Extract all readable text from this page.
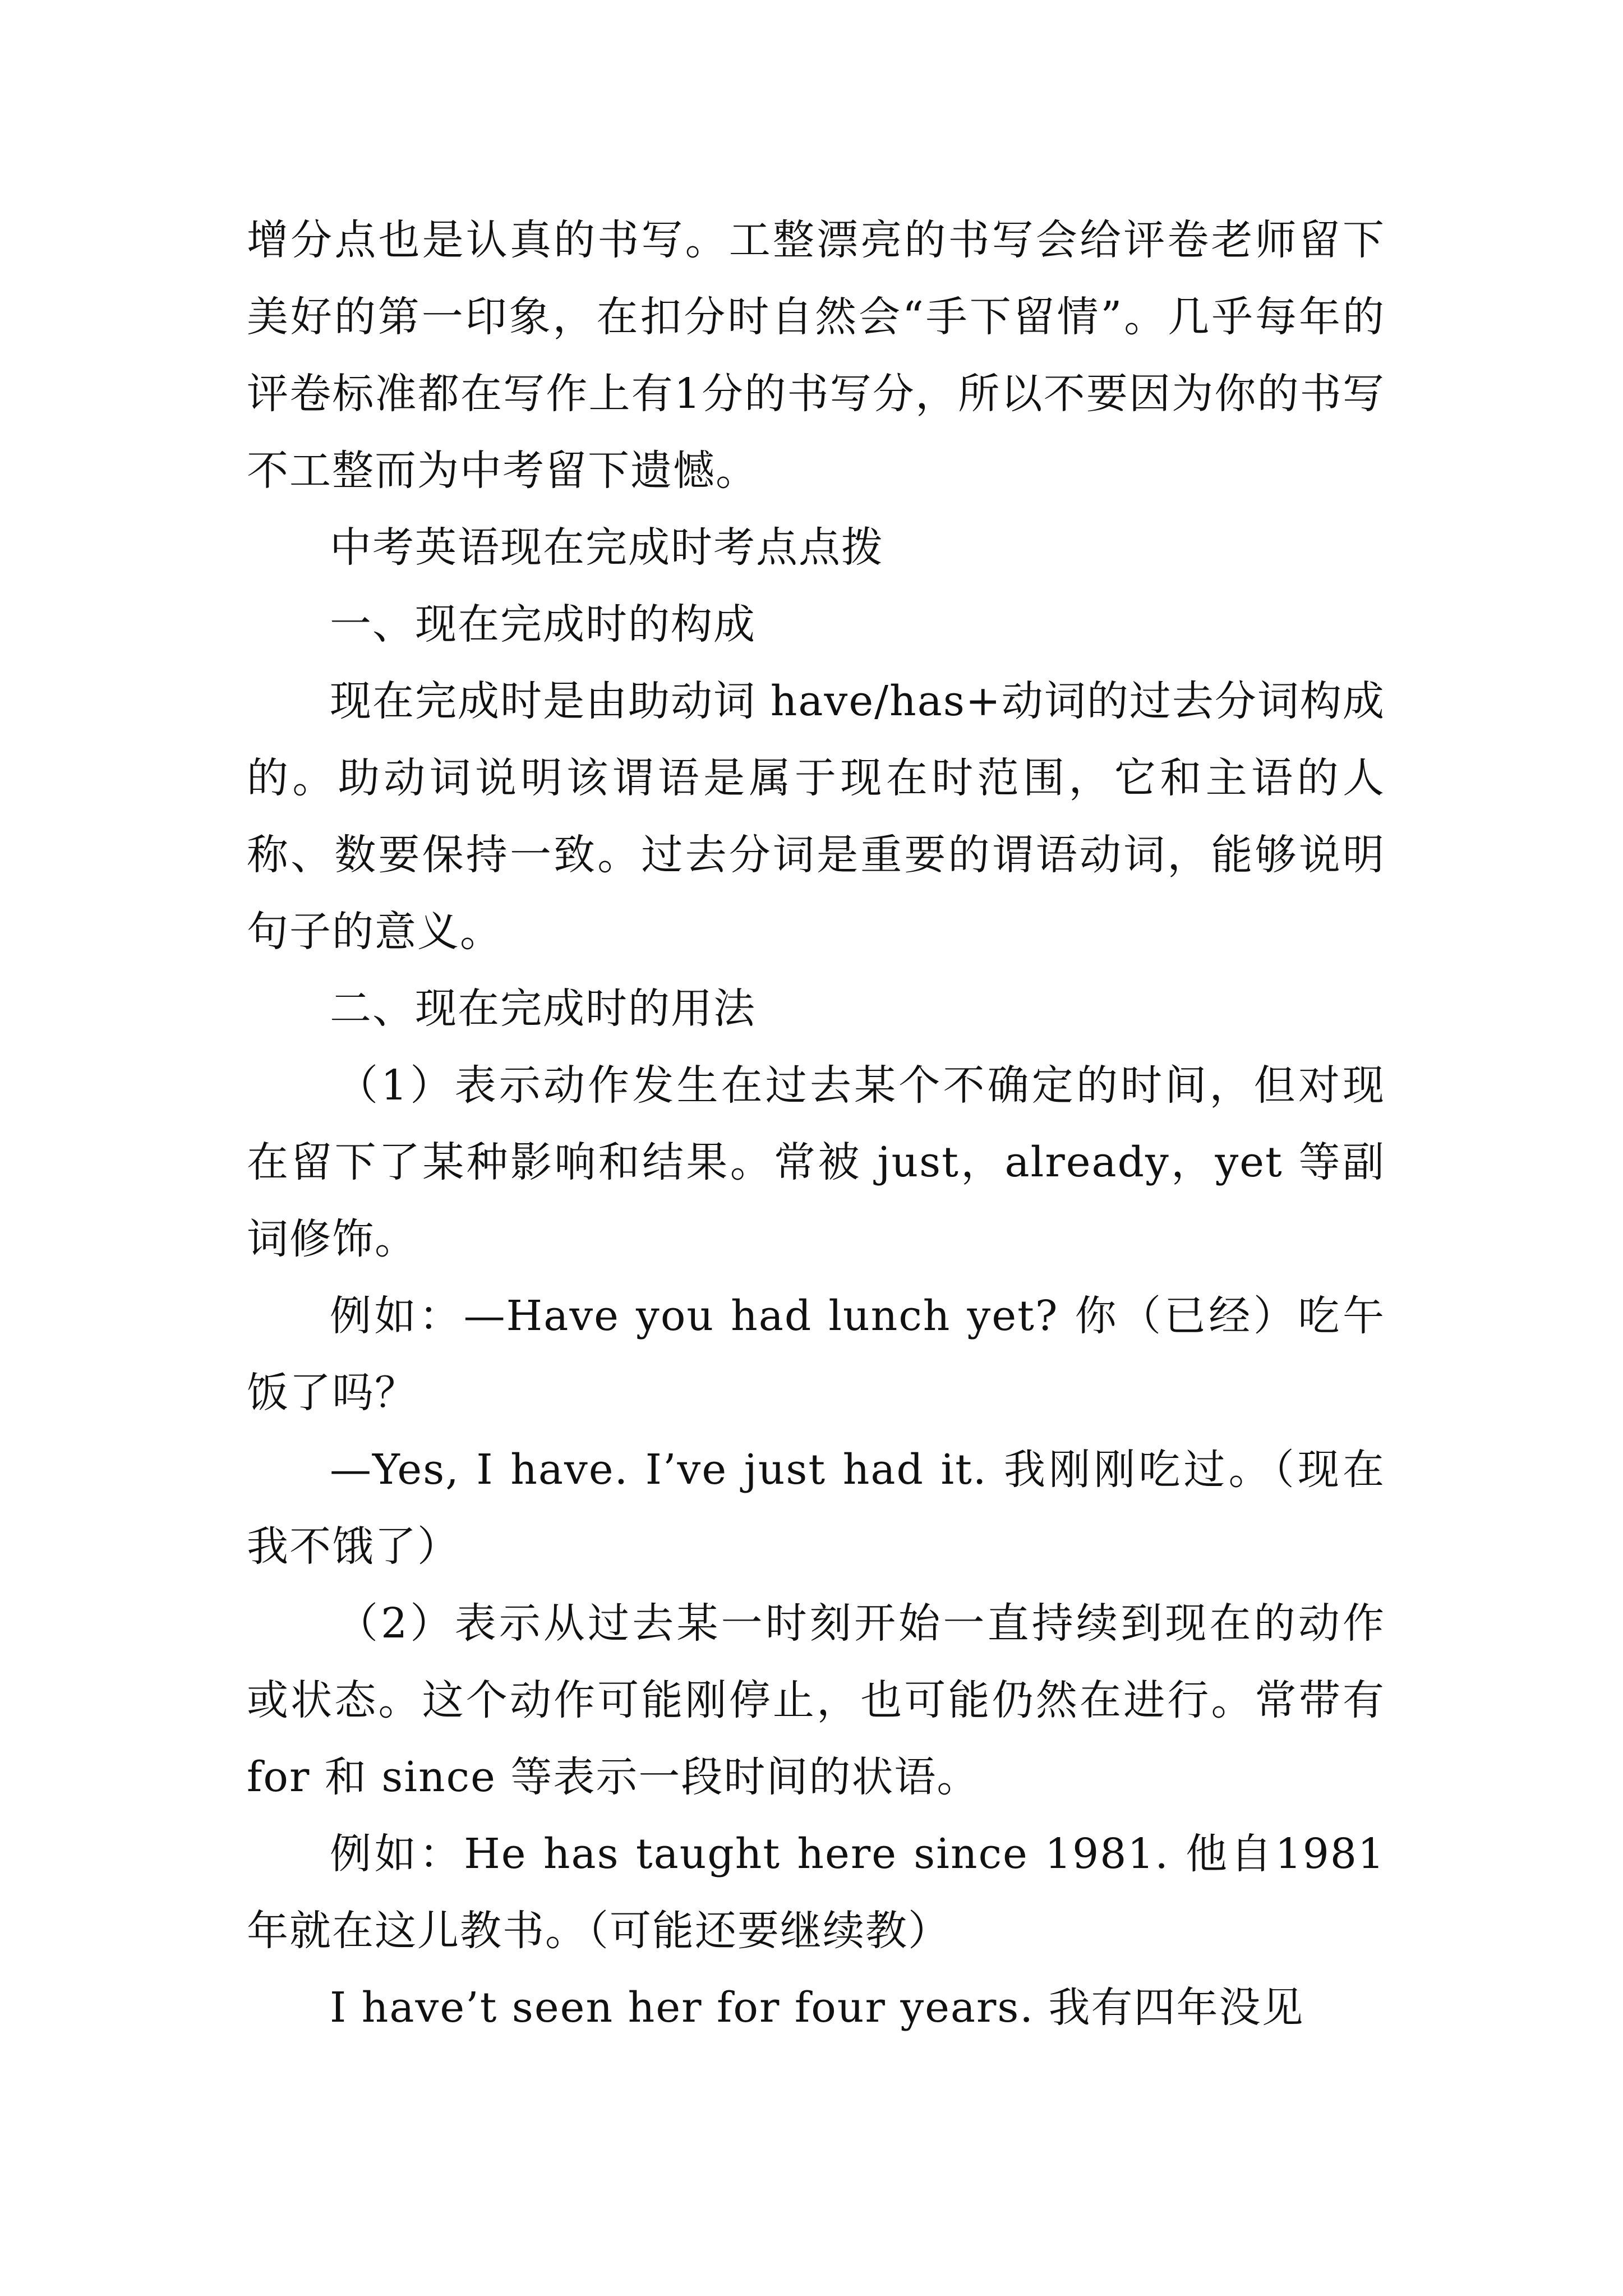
增分点也是认真的书写。工整漂亮的书写会给评卷老师留下美好的第一印象，在扣分时自然会“手下留情”。几乎每年的评卷标准都在写作上有1分的书写分，所以不要因为你的书写不工整而为中考留下遗憾。

中考英语现在完成时考点点拨

一、现在完成时的构成

现在完成时是由助动词 have/has+动词的过去分词构成的。助动词说明该谓语是属于现在时范围，它和主语的人称、数要保持一致。过去分词是重要的谓语动词，能够说明句子的意义。

二、现在完成时的用法

（1）表示动作发生在过去某个不确定的时间，但对现在留下了某种影响和结果。常被 just，already，yet 等副词修饰。

例如：—Have you had lunch yet? 你（已经）吃午饭了吗？

—Yes, I have. I’ve just had it. 我刚刚吃过。（现在我不饿了）

（2）表示从过去某一时刻开始一直持续到现在的动作或状态。这个动作可能刚停止，也可能仍然在进行。常带有 for 和 since 等表示一段时间的状语。

例如：He has taught here since 1981. 他自1981年就在这儿教书。（可能还要继续教）

I have’t seen her for four years. 我有四年没见
